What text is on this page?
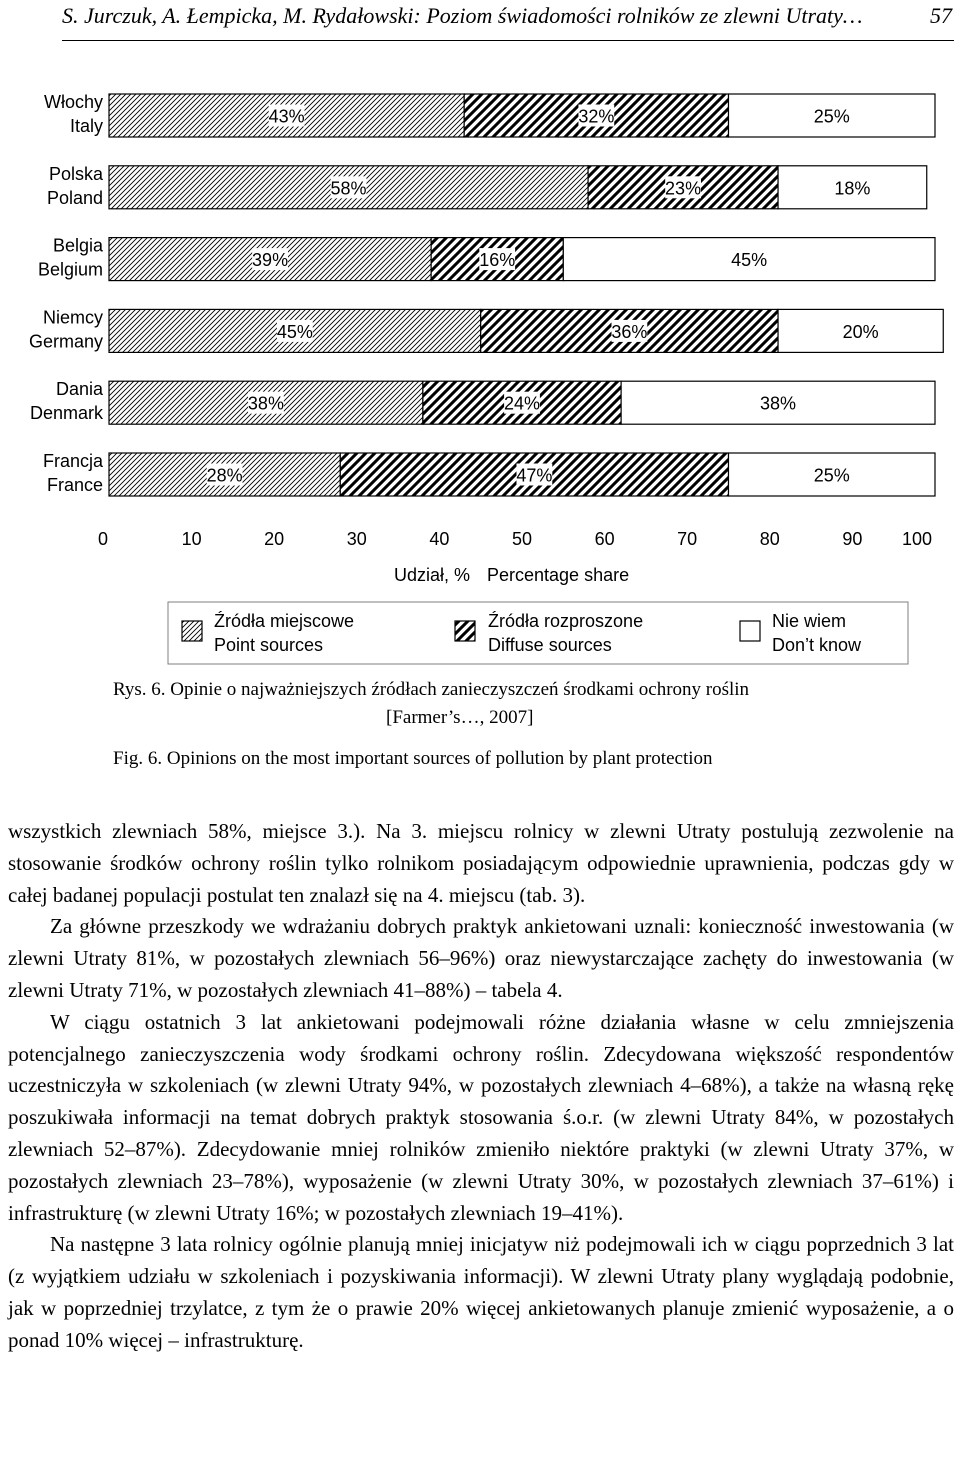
S. Jurczuk, A. Łempicka, M. Rydałowski: Poziom świadomości rolników ze zlewni Utraty…	57
43%	32%	25%
58%	23%	18%
39%	16%	45%
45%	36%	20%
38%	24%	38%
28%	47%	25%
Włochy
Italy
Polska
Poland
Belgia
Belgium
Niemcy
Germany
Dania
Denmark
Francja
France
0	10	20	30	40	50	60	70	80	90 100
Udział, % Percentage share
Źródła miejscowe
Point sources
Źródła rozproszone
Diffuse sources
Nie wiem
Don’t know
Rys. 6. Opinie o najważniejszych źródłach zanieczyszczeń środkami ochrony roślin
[Farmer’s…, 2007]
Fig. 6. Opinions on the most important sources of pollution by plant protection

wszystkich zlewniach 58%, miejsce 3.). Na 3. miejscu rolnicy w zlewni Utraty postulują zezwolenie na stosowanie środków ochrony roślin tylko rolnikom posiadającym odpowiednie uprawnienia, podczas gdy w całej badanej populacji postulat ten znalazł się na 4. miejscu (tab. 3).

Za główne przeszkody we wdrażaniu dobrych praktyk ankietowani uznali: konieczność inwestowania (w zlewni Utraty 81%, w pozostałych zlewniach 56–96%) oraz niewystarczające zachęty do inwestowania (w zlewni Utraty 71%, w pozostałych zlewniach 41–88%) – tabela 4.

W ciągu ostatnich 3 lat ankietowani podejmowali różne działania własne w celu zmniejszenia potencjalnego zanieczyszczenia wody środkami ochrony roślin. Zdecydowana większość respondentów uczestniczyła w szkoleniach (w zlewni Utraty 94%, w pozostałych zlewniach 4–68%), a także na własną rękę poszukiwała informacji na temat dobrych praktyk stosowania ś.o.r. (w zlewni Utraty 84%, w pozostałych zlewniach 52–87%). Zdecydowanie mniej rolników zmieniło niektóre praktyki (w zlewni Utraty 37%, w pozostałych zlewniach 23–78%), wyposażenie (w zlewni Utraty 30%, w pozostałych zlewniach 37–61%) i infrastrukturę (w zlewni Utraty 16%; w pozostałych zlewniach 19–41%).

Na następne 3 lata rolnicy ogólnie planują mniej inicjatyw niż podejmowali ich w ciągu poprzednich 3 lat (z wyjątkiem udziału w szkoleniach i pozyskiwania informacji). W zlewni Utraty plany wyglądają podobnie, jak w poprzedniej trzylatce, z tym że o prawie 20% więcej ankietowanych planuje zmienić wyposażenie, a o ponad 10% więcej – infrastrukturę.
